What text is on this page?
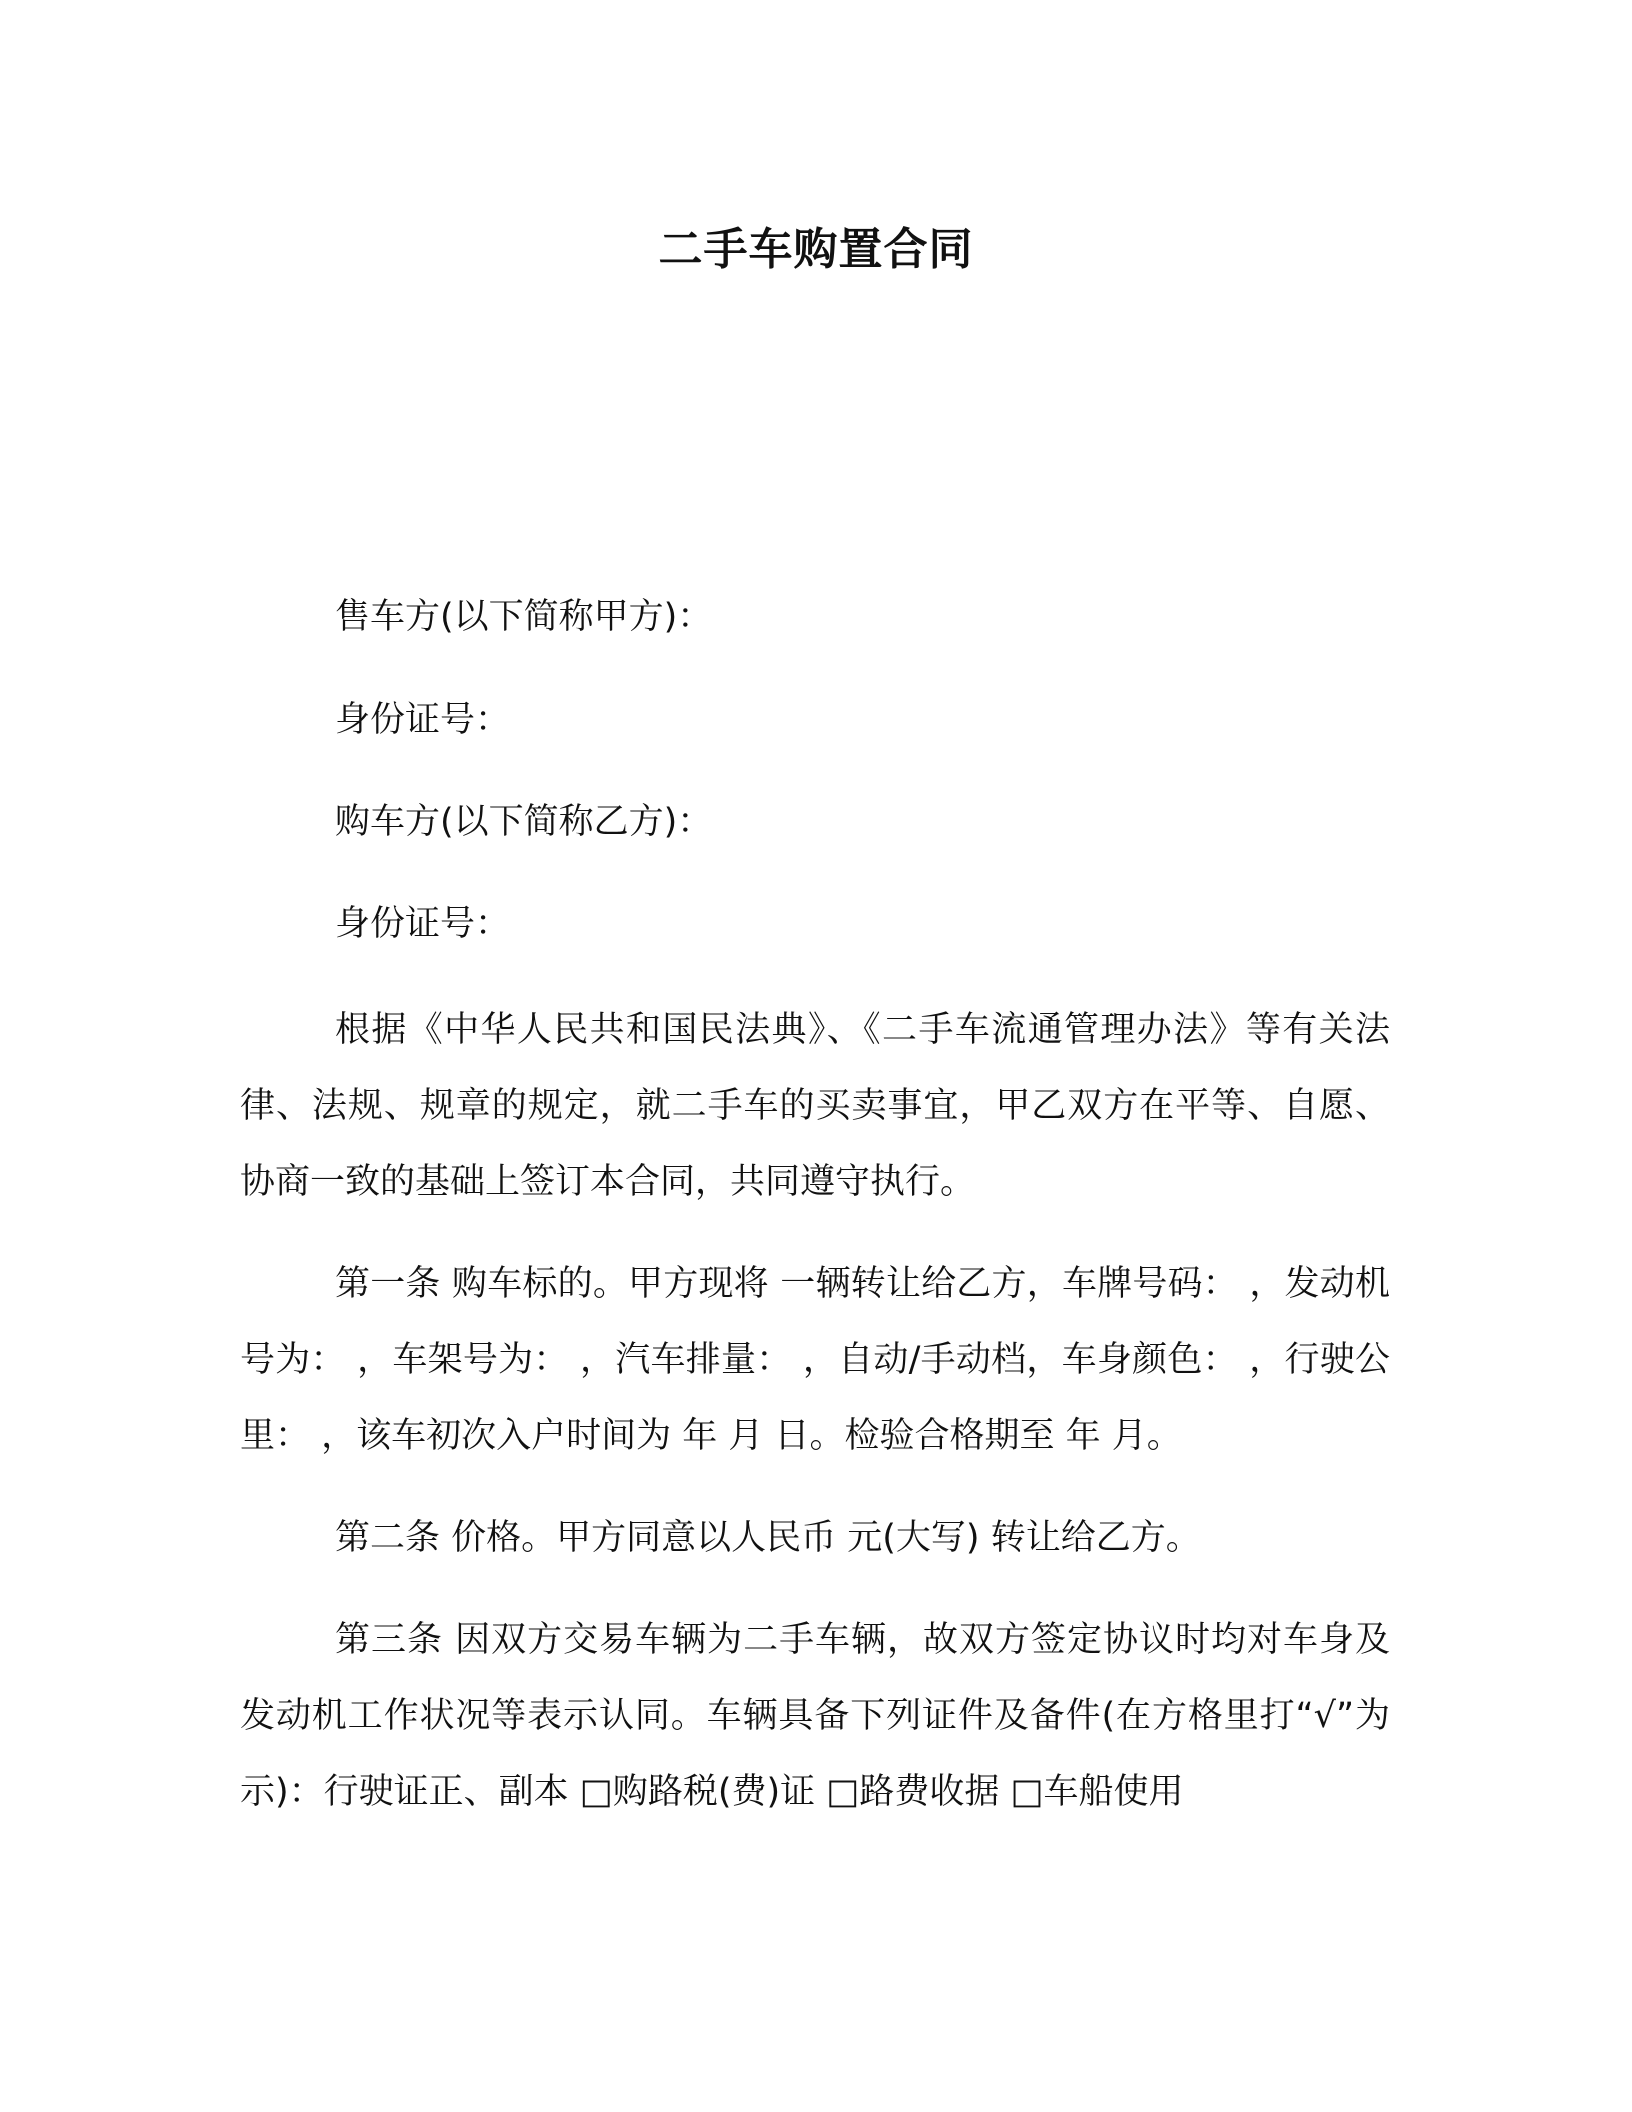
二手车购置合同
售车方(以下简称甲方)：
身份证号：
购车方(以下简称乙方)：
身份证号：

根据《中华人民共和国民法典》、《二手车流通管理办法》等有关法律、法规、规章的规定，就二手车的买卖事宜，甲乙双方在平等、自愿、协商一致的基础上签订本合同，共同遵守执行。

第一条 购车标的。甲方现将 一辆转让给乙方，车牌号码： ，发动机号为： ，车架号为： ，汽车排量： ，自动/手动档，车身颜色： ，行驶公里： ，该车初次入户时间为 年 月 日。检验合格期至 年 月。

第二条 价格。甲方同意以人民币 元(大写) 转让给乙方。

第三条 因双方交易车辆为二手车辆，故双方签定协议时均对车身及发动机工作状况等表示认同。车辆具备下列证件及备件(在方格里打“√”为示)：行驶证正、副本 □购路税(费)证 □路费收据 □车船使用
